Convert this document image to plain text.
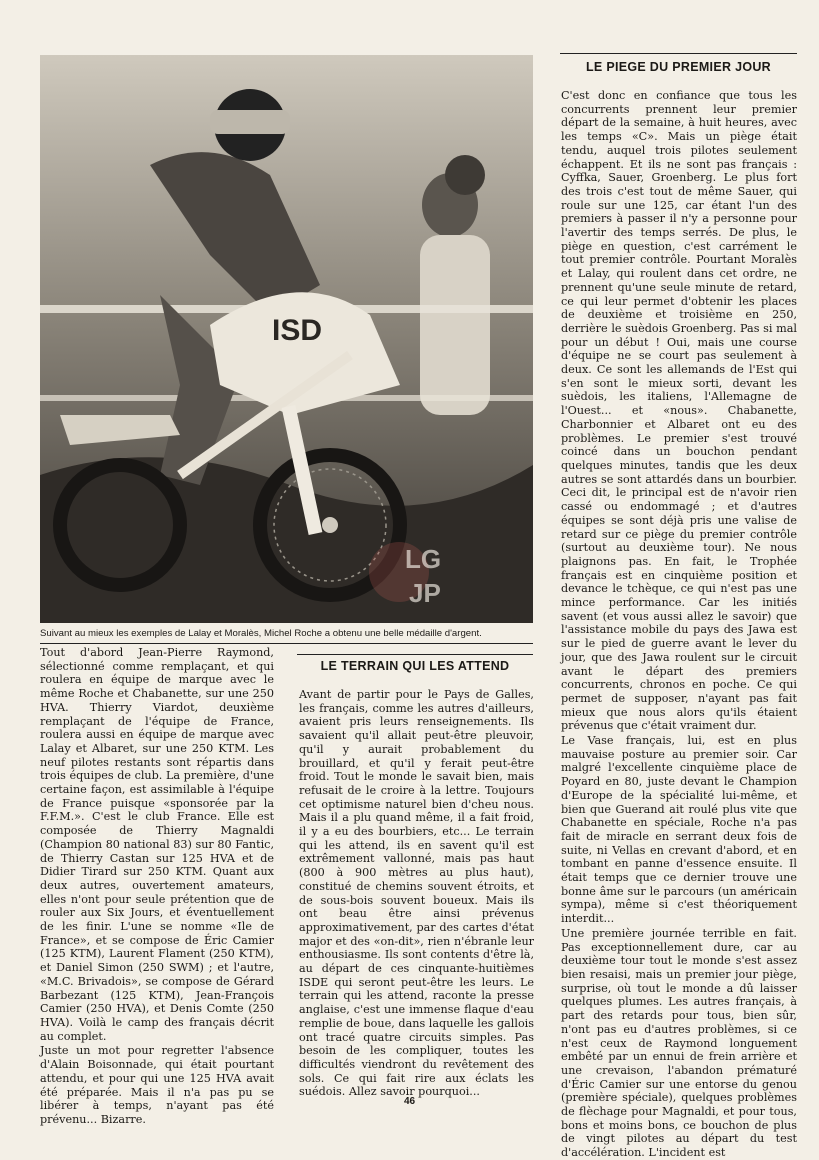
ISD
LG
JP
Suivant au mieux les exemples de Lalay et Moralès, Michel Roche a obtenu une belle médaille d'argent.

Tout d'abord Jean-Pierre Raymond, sélectionné comme remplaçant, et qui roulera en équipe de marque avec le même Roche et Chabanette, sur une 250 HVA. Thierry Viardot, deuxième remplaçant de l'équipe de France, roulera aussi en équipe de marque avec Lalay et Albaret, sur une 250 KTM. Les neuf pilotes restants sont répartis dans trois équipes de club. La première, d'une certaine façon, est assimilable à l'équipe de France puisque «sponsorée par la F.F.M.». C'est le club France. Elle est composée de Thierry Magnaldi (Champion 80 national 83) sur 80 Fantic, de Thierry Castan sur 125 HVA et de Didier Tirard sur 250 KTM. Quant aux deux autres, ouvertement amateurs, elles n'ont pour seule prétention que de rouler aux Six Jours, et éventuellement de les finir. L'une se nomme «Ile de France», et se compose de Éric Camier (125 KTM), Laurent Flament (250 KTM), et Daniel Simon (250 SWM) ; et l'autre, «M.C. Brivadois», se compose de Gérard Barbezant (125 KTM), Jean-François Camier (250 HVA), et Denis Comte (250 HVA). Voilà le camp des français décrit au complet.

Juste un mot pour regretter l'absence d'Alain Boisonnade, qui était pourtant attendu, et pour qui une 125 HVA avait été préparée. Mais il n'a pas pu se libérer à temps, n'ayant pas été prévenu... Bizarre.

LE TERRAIN QUI LES ATTEND

Avant de partir pour le Pays de Galles, les français, comme les autres d'ailleurs, avaient pris leurs renseignements. Ils savaient qu'il allait peut-être pleuvoir, qu'il y aurait probablement du brouillard, et qu'il y ferait peut-être froid. Tout le monde le savait bien, mais refusait de le croire à la lettre. Toujours cet optimisme naturel bien d'cheu nous. Mais il a plu quand même, il a fait froid, il y a eu des bourbiers, etc... Le terrain qui les attend, ils en savent qu'il est extrêmement vallonné, mais pas haut (800 à 900 mètres au plus haut), constitué de chemins souvent étroits, et de sous-bois souvent boueux. Mais ils ont beau être ainsi prévenus approximativement, par des cartes d'état major et des «on-dit», rien n'ébranle leur enthousiasme. Ils sont contents d'être là, au départ de ces cinquante-huitièmes ISDE qui seront peut-être les leurs. Le terrain qui les attend, raconte la presse anglaise, c'est une immense flaque d'eau remplie de boue, dans laquelle les gallois ont tracé quatre circuits simples. Pas besoin de les compliquer, toutes les difficultés viendront du revêtement des sols. Ce qui fait rire aux éclats les suédois. Allez savoir pourquoi...

LE PIEGE DU PREMIER JOUR

C'est donc en confiance que tous les concurrents prennent leur premier départ de la semaine, à huit heures, avec les temps «C». Mais un piège était tendu, auquel trois pilotes seulement échappent. Et ils ne sont pas français : Cyffka, Sauer, Groenberg. Le plus fort des trois c'est tout de même Sauer, qui roule sur une 125, car étant l'un des premiers à passer il n'y a personne pour l'avertir des temps serrés. De plus, le piège en question, c'est carrément le tout premier contrôle. Pourtant Moralès et Lalay, qui roulent dans cet ordre, ne prennent qu'une seule minute de retard, ce qui leur permet d'obtenir les places de deuxième et troisième en 250, derrière le suèdois Groenberg. Pas si mal pour un début ! Oui, mais une course d'équipe ne se court pas seulement à deux. Ce sont les allemands de l'Est qui s'en sont le mieux sorti, devant les suèdois, les italiens, l'Allemagne de l'Ouest... et «nous». Chabanette, Charbonnier et Albaret ont eu des problèmes. Le premier s'est trouvé coincé dans un bouchon pendant quelques minutes, tandis que les deux autres se sont attardés dans un bourbier. Ceci dit, le principal est de n'avoir rien cassé ou endommagé ; et d'autres équipes se sont déjà pris une valise de retard sur ce piège du premier contrôle (surtout au deuxième tour). Ne nous plaignons pas. En fait, le Trophée français est en cinquième position et devance le tchèque, ce qui n'est pas une mince performance. Car les initiés savent (et vous aussi allez le savoir) que l'assistance mobile du pays des Jawa est sur le pied de guerre avant le lever du jour, que des Jawa roulent sur le circuit avant le départ des premiers concurrents, chronos en poche. Ce qui permet de supposer, n'ayant pas fait mieux que nous alors qu'ils étaient prévenus que c'était vraiment dur.

Le Vase français, lui, est en plus mauvaise posture au premier soir. Car malgré l'excellente cinquième place de Poyard en 80, juste devant le Champion d'Europe de la spécialité lui-même, et bien que Guerand ait roulé plus vite que Chabanette en spéciale, Roche n'a pas fait de miracle en serrant deux fois de suite, ni Vellas en crevant d'abord, et en tombant en panne d'essence ensuite. Il était temps que ce dernier trouve une bonne âme sur le parcours (un américain sympa), même si c'est théoriquement interdit...

Une première journée terrible en fait. Pas exceptionnellement dure, car au deuxième tour tout le monde s'est assez bien resaisi, mais un premier jour piège, surprise, où tout le monde a dû laisser quelques plumes. Les autres français, à part des retards pour tous, bien sûr, n'ont pas eu d'autres problèmes, si ce n'est ceux de Raymond longuement embêté par un ennui de frein arrière et une crevaison, l'abandon prématuré d'Éric Camier sur une entorse du genou (première spéciale), quelques problèmes de flèchage pour Magnaldi, et pour tous, bons et moins bons, ce bouchon de plus de vingt pilotes au départ du test d'accélération. L'incident est

46
